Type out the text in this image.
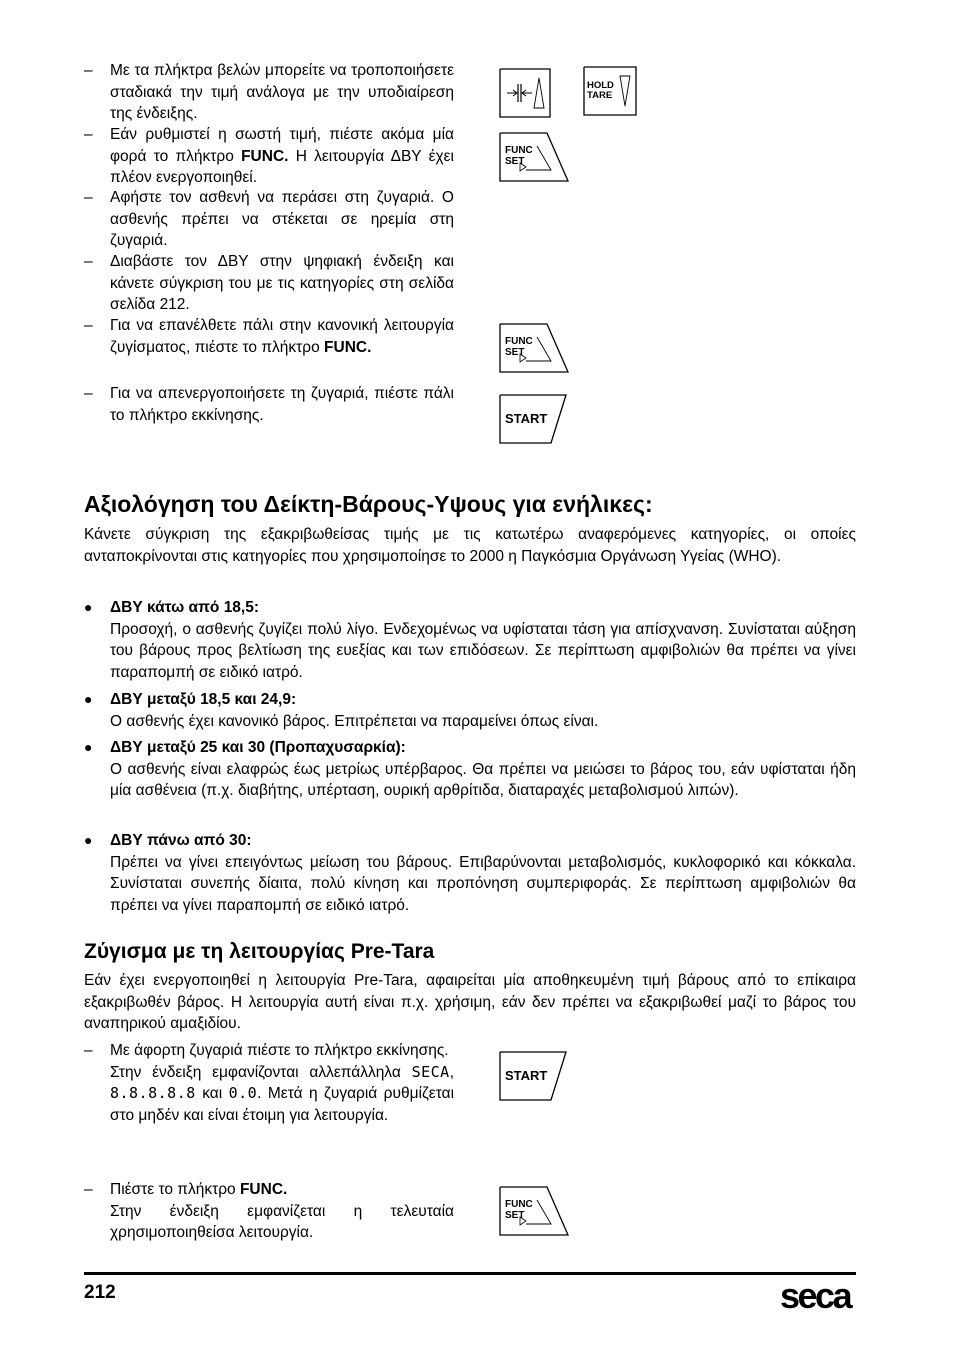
–	Με τα πλήκτρα βελών μπορείτε να τροποποιήσετε σταδιακά την τιμή ανάλογα με την υποδιαίρεση της ένδειξης.
–	Εάν ρυθμιστεί η σωστή τιμή, πιέστε ακόμα μία φορά το πλήκτρο FUNC. Η λειτουργία ΔΒΥ έχει πλέον ενεργοποιηθεί.
–	Αφήστε τον ασθενή να περάσει στη ζυγαριά. Ο ασθενής πρέπει να στέκεται σε ηρεμία στη ζυγαριά.
–	Διαβάστε τον ΔΒΥ στην ψηφιακή ένδειξη και κάνετε σύγκριση του με τις κατηγορίες στη σελίδα σελίδα 212.
–	Για να επανέλθετε πάλι στην κανονική λειτουργία ζυγίσματος, πιέστε το πλήκτρο FUNC.
–	Για να απενεργοποιήσετε τη ζυγαριά, πιέστε πάλι το πλήκτρο εκκίνησης.
HOLD
TARE
FUNC
SET
FUNC
SET
START
Αξιολόγηση του Δείκτη-Βάρους-Υψους για ενήλικες:

Κάνετε σύγκριση της εξακριβωθείσας τιμής με τις κατωτέρω αναφερόμενες κατηγορίες, οι οποίες ανταποκρίνονται στις κατηγορίες που χρησιμοποίησε το 2000 η Παγκόσμια Οργάνωση Υγείας (WHO).

● ΔΒΥ κάτω από 18,5:
Προσοχή, ο ασθενής ζυγίζει πολύ λίγο. Ενδεχομένως να υφίσταται τάση για απίσχνανση. Συνίσταται αύξηση του βάρους προς βελτίωση της ευεξίας και των επιδόσεων. Σε περίπτωση αμφιβολιών θα πρέπει να γίνει παραπομπή σε ειδικό ιατρό.
● ΔΒΥ μεταξύ 18,5 και 24,9:
Ο ασθενής έχει κανονικό βάρος. Επιτρέπεται να παραμείνει όπως είναι.
● ΔΒΥ μεταξύ 25 και 30 (Προπαχυσαρκία):
Ο ασθενής είναι ελαφρώς έως μετρίως υπέρβαρος. Θα πρέπει να μειώσει το βάρος του, εάν υφίσταται ήδη μία ασθένεια (π.χ. διαβήτης, υπέρταση, ουρική αρθρίτιδα, διαταραχές μεταβολισμού λιπών).
● ΔΒΥ πάνω από 30:
Πρέπει να γίνει επειγόντως μείωση του βάρους. Επιβαρύνονται μεταβολισμός, κυκλοφορικό και κόκκαλα. Συνίσταται συνεπής δίαιτα, πολύ κίνηση και προπόνηση συμπεριφοράς. Σε περίπτωση αμφιβολιών θα πρέπει να γίνει παραπομπή σε ειδικό ιατρό.
Ζύγισμα με τη λειτουργίας Pre-Tara

Εάν έχει ενεργοποιηθεί η λειτουργία Pre-Tara, αφαιρείται μία αποθηκευμένη τιμή βάρους από το επίκαιρα εξακριβωθέν βάρος. Η λειτουργία αυτή είναι π.χ. χρήσιμη, εάν δεν πρέπει να εξακριβωθεί μαζί το βάρος του αναπηρικού αμαξιδίου.

–	Με άφορτη ζυγαριά πιέστε το πλήκτρο εκκίνησης.

Στην ένδειξη εμφανίζονται αλλεπάλληλα SECA, 8.8.8.8.8 και 0.0. Μετά η ζυγαριά ρυθμίζεται στο μηδέν και είναι έτοιμη για λειτουργία.

–	Πιέστε το πλήκτρο FUNC.

Στην ένδειξη εμφανίζεται η τελευταία χρησιμοποιηθείσα λειτουργία.

START
FUNC
SET
212	seca
